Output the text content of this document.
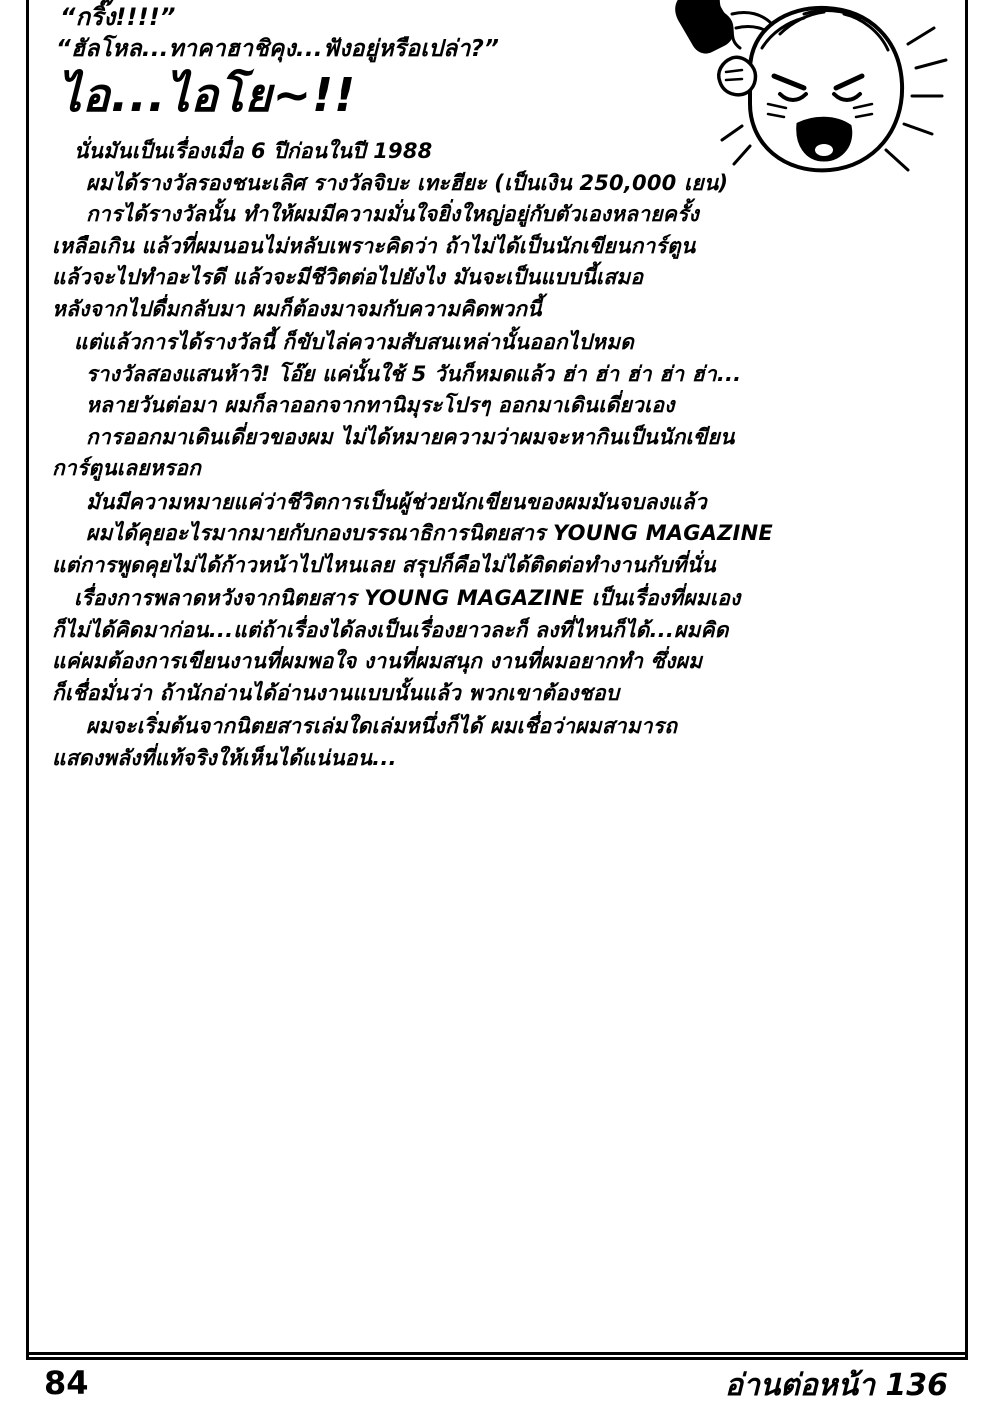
“กริ๊ง!!!!”
“ฮัลโหล...ทาคาฮาชิคุง...ฟังอยู่หรือเปล่า?”
ไอ...ไอโย~!!
นั่นมันเป็นเรื่องเมื่อ 6 ปีก่อนในปี 1988
ผมได้รางวัลรองชนะเลิศ รางวัลจิบะ เทะฮียะ (เป็นเงิน 250,000 เยน)
การได้รางวัลนั้น ทำให้ผมมีความมั่นใจยิ่งใหญ่อยู่กับตัวเองหลายครั้ง
เหลือเกิน แล้วที่ผมนอนไม่หลับเพราะคิดว่า ถ้าไม่ได้เป็นนักเขียนการ์ตูน
แล้วจะไปทำอะไรดี แล้วจะมีชีวิตต่อไปยังไง มันจะเป็นแบบนี้เสมอ
หลังจากไปดื่มกลับมา ผมก็ต้องมาจมกับความคิดพวกนี้
แต่แล้วการได้รางวัลนี้ ก็ขับไล่ความสับสนเหล่านั้นออกไปหมด
รางวัลสองแสนห้าวิ! โอ๊ย แค่นั้นใช้ 5 วันก็หมดแล้ว ฮ่า ฮ่า ฮ่า ฮ่า ฮ่า...
หลายวันต่อมา ผมก็ลาออกจากทานิมุระโปรๆ ออกมาเดินเดี่ยวเอง
การออกมาเดินเดี่ยวของผม ไม่ได้หมายความว่าผมจะหากินเป็นนักเขียน
การ์ตูนเลยหรอก
มันมีความหมายแค่ว่าชีวิตการเป็นผู้ช่วยนักเขียนของผมมันจบลงแล้ว
ผมได้คุยอะไรมากมายกับกองบรรณาธิการนิตยสาร YOUNG MAGAZINE
แต่การพูดคุยไม่ได้ก้าวหน้าไปไหนเลย สรุปก็คือไม่ได้ติดต่อทำงานกับที่นั่น
เรื่องการพลาดหวังจากนิตยสาร YOUNG MAGAZINE เป็นเรื่องที่ผมเอง
ก็ไม่ได้คิดมาก่อน...แต่ถ้าเรื่องได้ลงเป็นเรื่องยาวละก็ ลงที่ไหนก็ได้...ผมคิด
แค่ผมต้องการเขียนงานที่ผมพอใจ งานที่ผมสนุก งานที่ผมอยากทำ ซึ่งผม
ก็เชื่อมั่นว่า ถ้านักอ่านได้อ่านงานแบบนั้นแล้ว พวกเขาต้องชอบ
ผมจะเริ่มต้นจากนิตยสารเล่มใดเล่มหนึ่งก็ได้ ผมเชื่อว่าผมสามารถ
แสดงพลังที่แท้จริงให้เห็นได้แน่นอน...
84	อ่านต่อหน้า 136
